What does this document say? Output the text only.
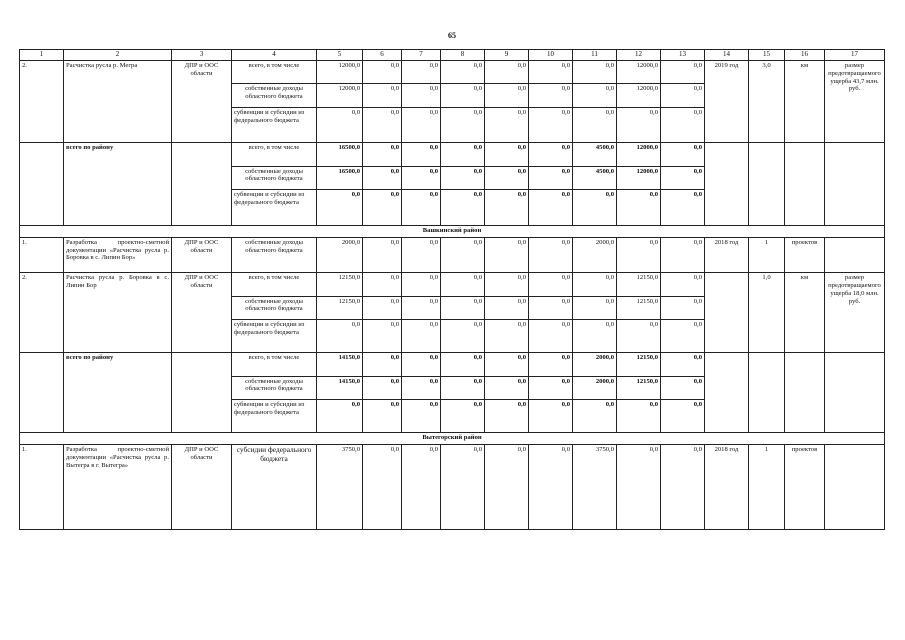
65
1	2	3	4	5	6	7	8	9	10	11	12	13	14	15	16	17
2.	Расчистка русла р. Мегра	ДПР и ООС области	всего, в том числе	12000,0	0,0	0,0	0,0	0,0	0,0	0,0	12000,0	0,0	2019 год	3,0	км	размер предотвращаемого ущерба 43,7 млн. руб.
			собственные доходы областного бюджета	12000,0	0,0	0,0	0,0	0,0	0,0	0,0	12000,0	0,0				
			субвенции и субсидии из федерального бюджета	0,0	0,0	0,0	0,0	0,0	0,0	0,0	0,0	0,0				
	всего по району		всего, в том числе	16500,0	0,0	0,0	0,0	0,0	0,0	4500,0	12000,0	0,0				
			собственные доходы областного бюджета	16500,0	0,0	0,0	0,0	0,0	0,0	4500,0	12000,0	0,0				
			субвенции и субсидии из федерального бюджета	0,0	0,0	0,0	0,0	0,0	0,0	0,0	0,0	0,0				
Вашкинский район																
1.	Разработка проектно-сметной документации «Расчистка русла р. Боровка в с. Липин Бор»	ДПР и ООС области	собственные доходы областного бюджета	2000,0	0,0	0,0	0,0	0,0	0,0	2000,0	0,0	0,0	2018 год	1	проектов	
2.	Расчистка русла р. Боровка в с. Липин Бор	ДПР и ООС области	всего, в том числе	12150,0	0,0	0,0	0,0	0,0	0,0	0,0	12150,0	0,0		1,0	км	размер предотвращаемого ущерба 18,0 млн. руб.
			собственные доходы областного бюджета	12150,0	0,0	0,0	0,0	0,0	0,0	0,0	12150,0	0,0				
			субвенции и субсидии из федерального бюджета	0,0	0,0	0,0	0,0	0,0	0,0	0,0	0,0	0,0				
	всего по району		всего, в том числе	14150,0	0,0	0,0	0,0	0,0	0,0	2000,0	12150,0	0,0				
			собственные доходы областного бюджета	14150,0	0,0	0,0	0,0	0,0	0,0	2000,0	12150,0	0,0				
			субвенции и субсидии из федерального бюджета	0,0	0,0	0,0	0,0	0,0	0,0	0,0	0,0	0,0				
Вытегорский район																
1.	Разработка проектно-сметной документации «Расчистка русла р. Вытегра в г. Вытегра»	ДПР и ООС области	субсидии федерального бюджета	3750,0	0,0	0,0	0,0	0,0	0,0	3750,0	0,0	0,0	2018 год	1	проектов	
